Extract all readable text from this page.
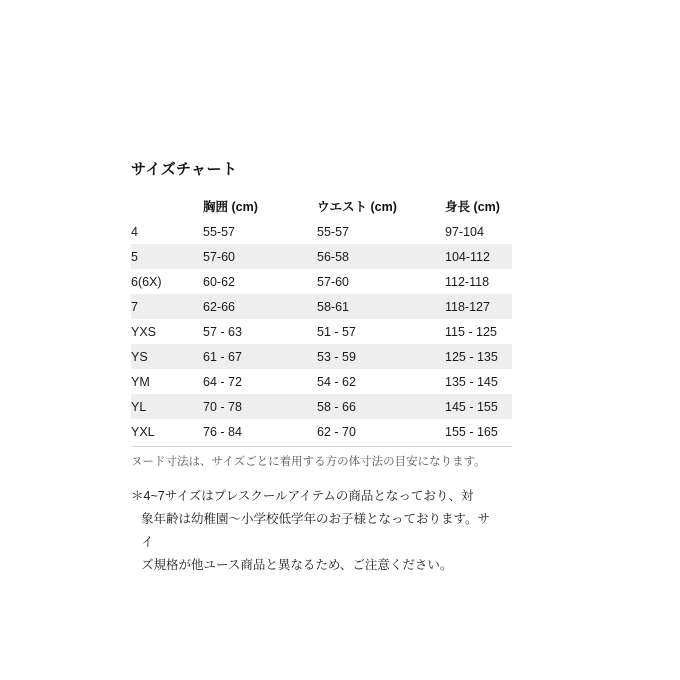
サイズチャート
	胸囲 (cm)	ウエスト (cm)	身長 (cm)
4	55-57	55-57	97-104
5	57-60	56-58	104-112
6(6X)	60-62	57-60	112-118
7	62-66	58-61	118-127
YXS	57 - 63	51 - 57	115 - 125
YS	61 - 67	53 - 59	125 - 135
YM	64 - 72	54 - 62	135 - 145
YL	70 - 78	58 - 66	145 - 155
YXL	76 - 84	62 - 70	155 - 165
ヌード寸法は、サイズごとに着用する方の体寸法の目安になります。
＊4~7サイズはプレスクールアイテムの商品となっており、対
象年齢は幼稚園〜小学校低学年のお子様となっております。サイ
ズ規格が他ユース商品と異なるため、ご注意ください。
